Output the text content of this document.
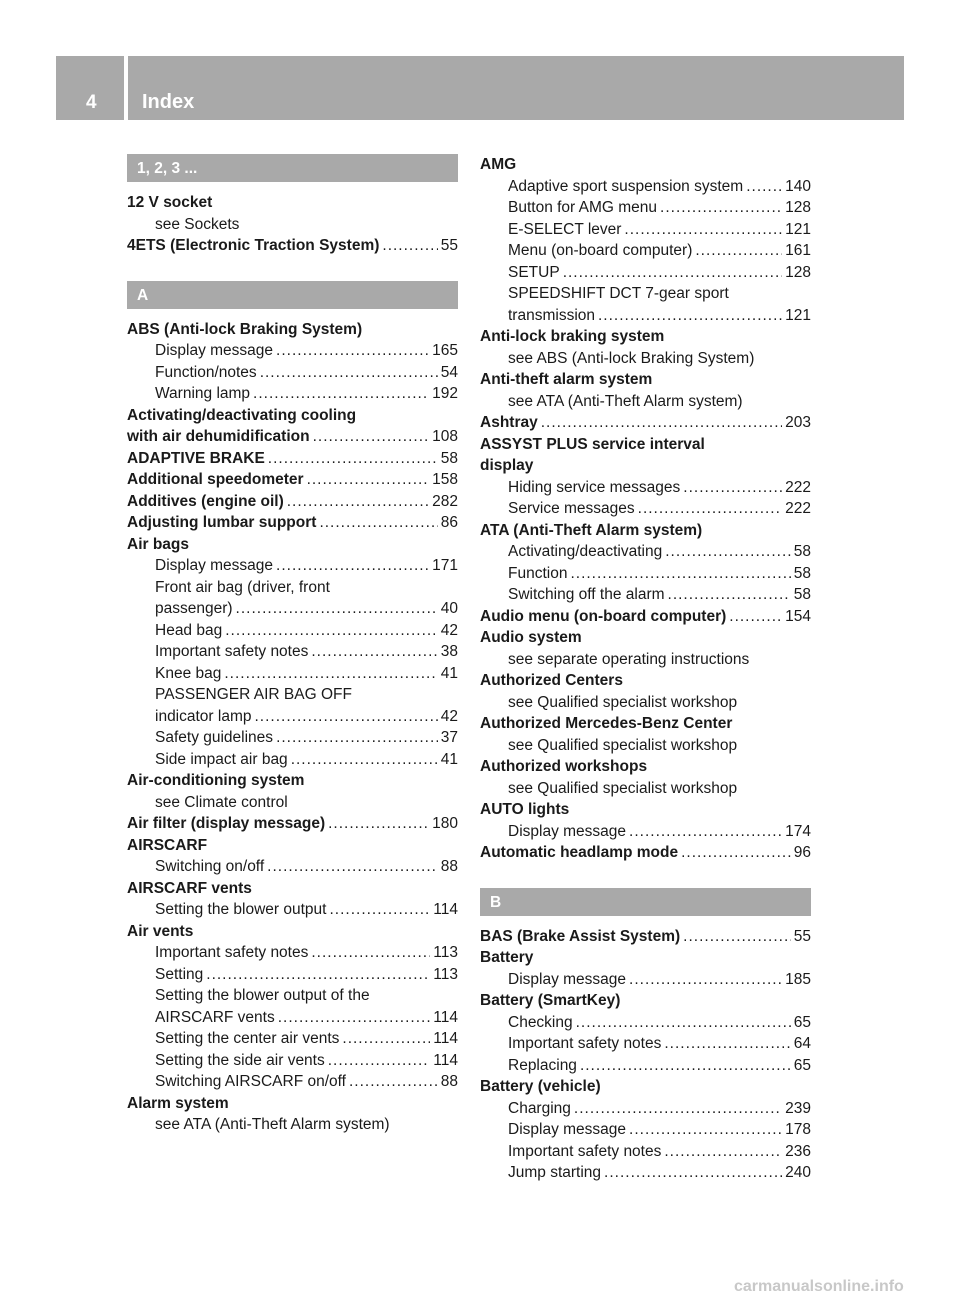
4	Index
1, 2, 3 ...
12 V socket
see Sockets
4ETS (Electronic Traction System) .....	55
A
ABS (Anti-lock Braking System)
Display message .....	165
Function/notes .....	54
Warning lamp .....	192
Activating/deactivating cooling
with air dehumidification .....	108
ADAPTIVE BRAKE .....	58
Additional speedometer .....	158
Additives (engine oil) .....	282
Adjusting lumbar support .....	86
Air bags
Display message .....	171
Front air bag (driver, front
passenger) .....	40
Head bag .....	42
Important safety notes .....	38
Knee bag .....	41
PASSENGER AIR BAG OFF
indicator lamp .....	42
Safety guidelines .....	37
Side impact air bag .....	41
Air-conditioning system
see Climate control
Air filter (display message) .....	180
AIRSCARF
Switching on/off .....	88
AIRSCARF vents
Setting the blower output .....	114
Air vents
Important safety notes .....	113
Setting .....	113
Setting the blower output of the
AIRSCARF vents .....	114
Setting the center air vents .....	114
Setting the side air vents .....	114
Switching AIRSCARF on/off .....	88
Alarm system
see ATA (Anti-Theft Alarm system)
AMG
Adaptive sport suspension system .....	140
Button for AMG menu .....	128
E-SELECT lever .....	121
Menu (on-board computer) .....	161
SETUP .....	128
SPEEDSHIFT DCT 7-gear sport
transmission .....	121
Anti-lock braking system
see ABS (Anti-lock Braking System)
Anti-theft alarm system
see ATA (Anti-Theft Alarm system)
Ashtray .....	203
ASSYST PLUS service interval
display
Hiding service messages .....	222
Service messages .....	222
ATA (Anti-Theft Alarm system)
Activating/deactivating .....	58
Function .....	58
Switching off the alarm .....	58
Audio menu (on-board computer) .....	154
Audio system
see separate operating instructions
Authorized Centers
see Qualified specialist workshop
Authorized Mercedes-Benz Center
see Qualified specialist workshop
Authorized workshops
see Qualified specialist workshop
AUTO lights
Display message .....	174
Automatic headlamp mode .....	96
B
BAS (Brake Assist System) .....	55
Battery
Display message .....	185
Battery (SmartKey)
Checking .....	65
Important safety notes .....	64
Replacing .....	65
Battery (vehicle)
Charging .....	239
Display message .....	178
Important safety notes .....	236
Jump starting .....	240
carmanualsonline.info
